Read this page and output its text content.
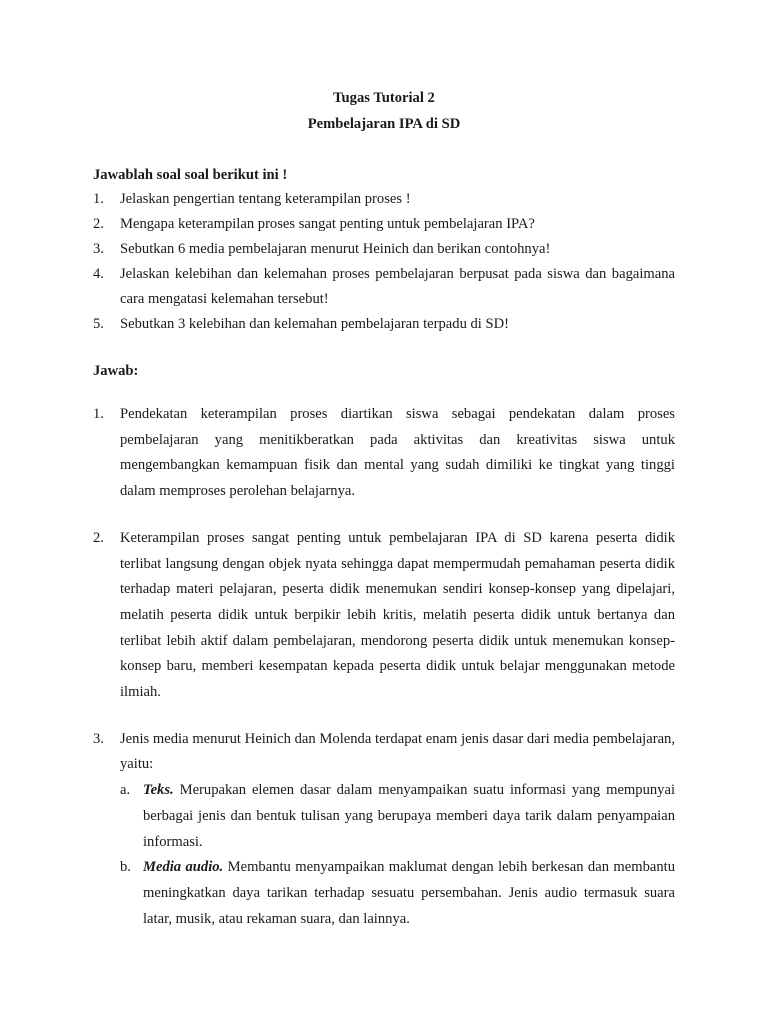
Tugas Tutorial 2
Pembelajaran IPA di SD
Jawablah soal soal berikut ini !
1.	Jelaskan pengertian tentang keterampilan proses !
2.	Mengapa keterampilan proses sangat penting untuk pembelajaran IPA?
3.	Sebutkan 6 media pembelajaran menurut Heinich dan berikan contohnya!
4.	Jelaskan kelebihan dan kelemahan proses pembelajaran berpusat pada siswa dan bagaimana cara mengatasi kelemahan tersebut!
5.	Sebutkan 3 kelebihan dan kelemahan pembelajaran terpadu di SD!
Jawab:
1.	Pendekatan keterampilan proses diartikan siswa sebagai pendekatan dalam proses pembelajaran yang menitikberatkan pada aktivitas dan kreativitas siswa untuk mengembangkan kemampuan fisik dan mental yang sudah dimiliki ke tingkat yang tinggi dalam memproses perolehan belajarnya.
2.	Keterampilan proses sangat penting untuk pembelajaran IPA di SD karena peserta didik terlibat langsung dengan objek nyata sehingga dapat mempermudah pemahaman peserta didik terhadap materi pelajaran, peserta didik menemukan sendiri konsep-konsep yang dipelajari, melatih peserta didik untuk berpikir lebih kritis, melatih peserta didik untuk bertanya dan terlibat lebih aktif dalam pembelajaran, mendorong peserta didik untuk menemukan konsep-konsep baru, memberi kesempatan kepada peserta didik untuk belajar menggunakan metode ilmiah.
3.	Jenis media menurut Heinich dan Molenda terdapat enam jenis dasar dari media pembelajaran, yaitu:
a. Teks. Merupakan elemen dasar dalam menyampaikan suatu informasi yang mempunyai berbagai jenis dan bentuk tulisan yang berupaya memberi daya tarik dalam penyampaian informasi.
b. Media audio. Membantu menyampaikan maklumat dengan lebih berkesan dan membantu meningkatkan daya tarikan terhadap sesuatu persembahan. Jenis audio termasuk suara latar, musik, atau rekaman suara, dan lainnya.
